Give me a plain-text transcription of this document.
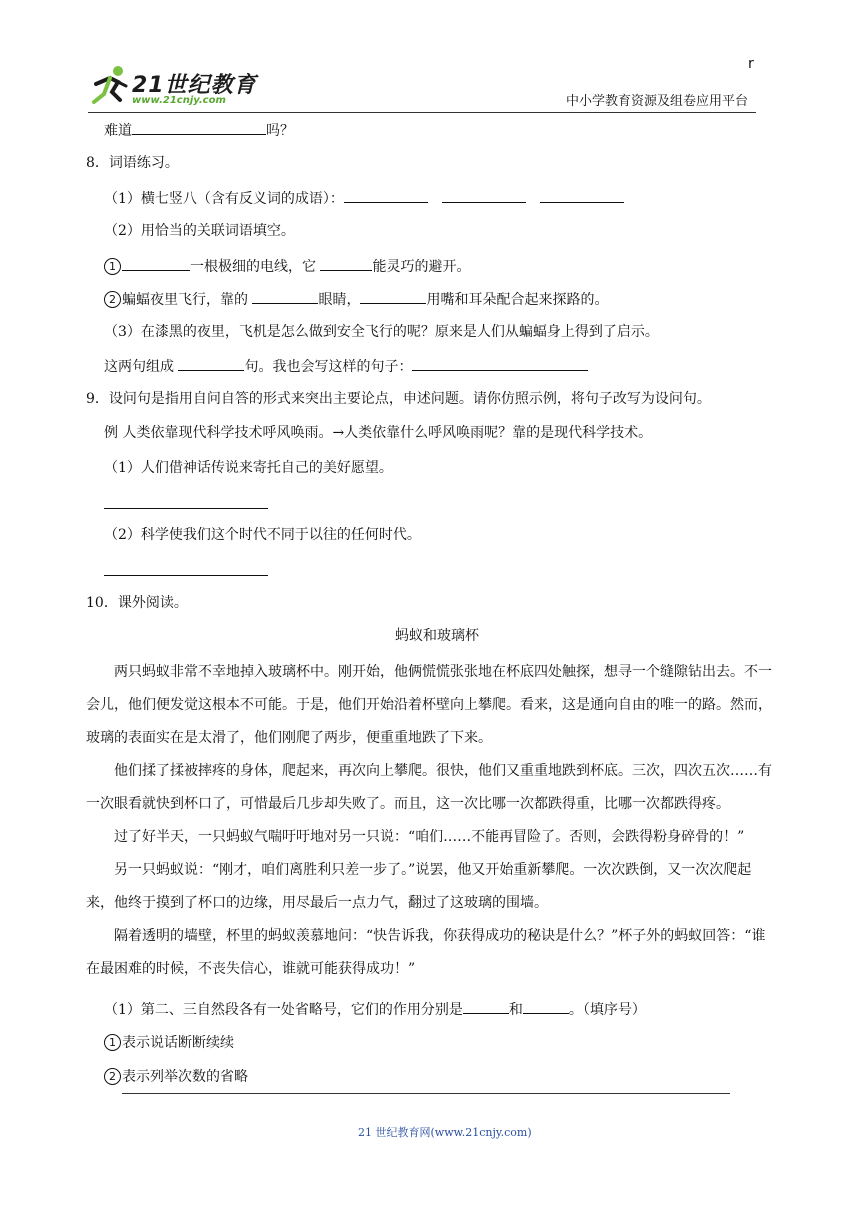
21世纪教育
www.21cnjy.com
r
中小学教育资源及组卷应用平台
难道	吗？
8．词语练习。
（1）横七竖八（含有反义词的成语）：
（2）用恰当的关联词语填空。
1	一根极细的电线，它	能灵巧的避开。
2 蝙蝠夜里飞行，靠的	眼睛，	用嘴和耳朵配合起来探路的。
（3）在漆黑的夜里，飞机是怎么做到安全飞行的呢？原来是人们从蝙蝠身上得到了启示。
这两句组成	句。我也会写这样的句子：
9．设问句是指用自问自答的形式来突出主要论点，申述问题。请你仿照示例，将句子改写为设问句。
例 人类依靠现代科学技术呼风唤雨。→人类依靠什么呼风唤雨呢？靠的是现代科学技术。
（1）人们借神话传说来寄托自己的美好愿望。
（2）科学使我们这个时代不同于以往的任何时代。
10．课外阅读。
蚂蚁和玻璃杯
两只蚂蚁非常不幸地掉入玻璃杯中。刚开始，他俩慌慌张张地在杯底四处触探，想寻一个缝隙钻出去。不一会儿，他们便发觉这根本不可能。于是，他们开始沿着杯壁向上攀爬。看来，这是通向自由的唯一的路。然而，玻璃的表面实在是太滑了，他们刚爬了两步，便重重地跌了下来。
他们揉了揉被摔疼的身体，爬起来，再次向上攀爬。很快，他们又重重地跌到杯底。三次，四次五次……有一次眼看就快到杯口了，可惜最后几步却失败了。而且，这一次比哪一次都跌得重，比哪一次都跌得疼。
过了好半天，一只蚂蚁气喘吁吁地对另一只说：“咱们……不能再冒险了。否则，会跌得粉身碎骨的！”
另一只蚂蚁说：“刚才，咱们离胜利只差一步了。”说罢，他又开始重新攀爬。一次次跌倒，又一次次爬起来，他终于摸到了杯口的边缘，用尽最后一点力气，翻过了这玻璃的围墙。
隔着透明的墙壁，杯里的蚂蚁羡慕地问：“快告诉我，你获得成功的秘诀是什么？”杯子外的蚂蚁回答：“谁在最困难的时候，不丧失信心，谁就可能获得成功！”
（1）第二、三自然段各有一处省略号，它们的作用分别是	和	。（填序号）
1 表示说话断断续续
2 表示列举次数的省略
21 世纪教育网(www.21cnjy.com)
